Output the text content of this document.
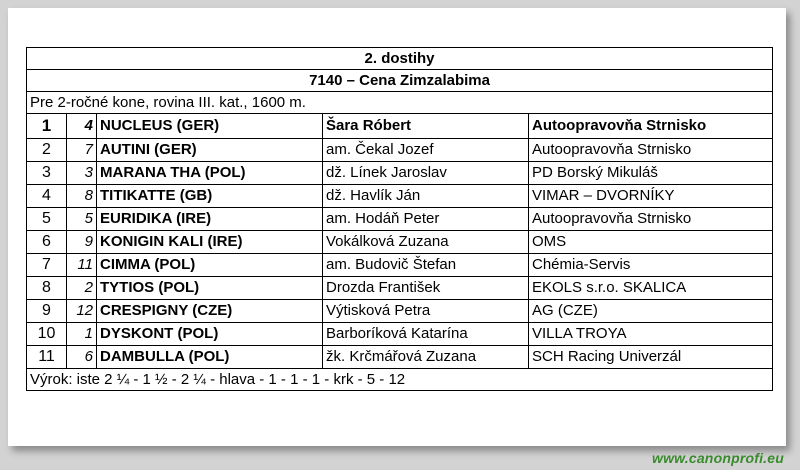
2. dostihy				
7140 – Cena Zimzalabima				
Pre 2-ročné kone, rovina III. kat., 1600 m.				
1	4	NUCLEUS (GER)	Šara Róbert	Autoopravovňa Strnisko
2	7	AUTINI (GER)	am. Čekal Jozef	Autoopravovňa Strnisko
3	3	MARANA THA (POL)	dž. Línek Jaroslav	PD Borský Mikuláš
4	8	TITIKATTE (GB)	dž. Havlík Ján	VIMAR – DVORNÍKY
5	5	EURIDIKA (IRE)	am. Hodáň Peter	Autoopravovňa Strnisko
6	9	KONIGIN KALI (IRE)	Vokálková Zuzana	OMS
7	11	CIMMA (POL)	am. Budovič Štefan	Chémia-Servis
8	2	TYTIOS (POL)	Drozda František	EKOLS s.r.o. SKALICA
9	12	CRESPIGNY (CZE)	Výtisková Petra	AG (CZE)
10	1	DYSKONT (POL)	Barboríková Katarína	VILLA TROYA
11	6	DAMBULLA (POL)	žk. Krčmářová Zuzana	SCH Racing Univerzál
Výrok: iste 2 ¼ - 1 ½ - 2 ¼ - hlava - 1 - 1 - 1 - krk - 5 - 12				
www.canonprofi.eu
